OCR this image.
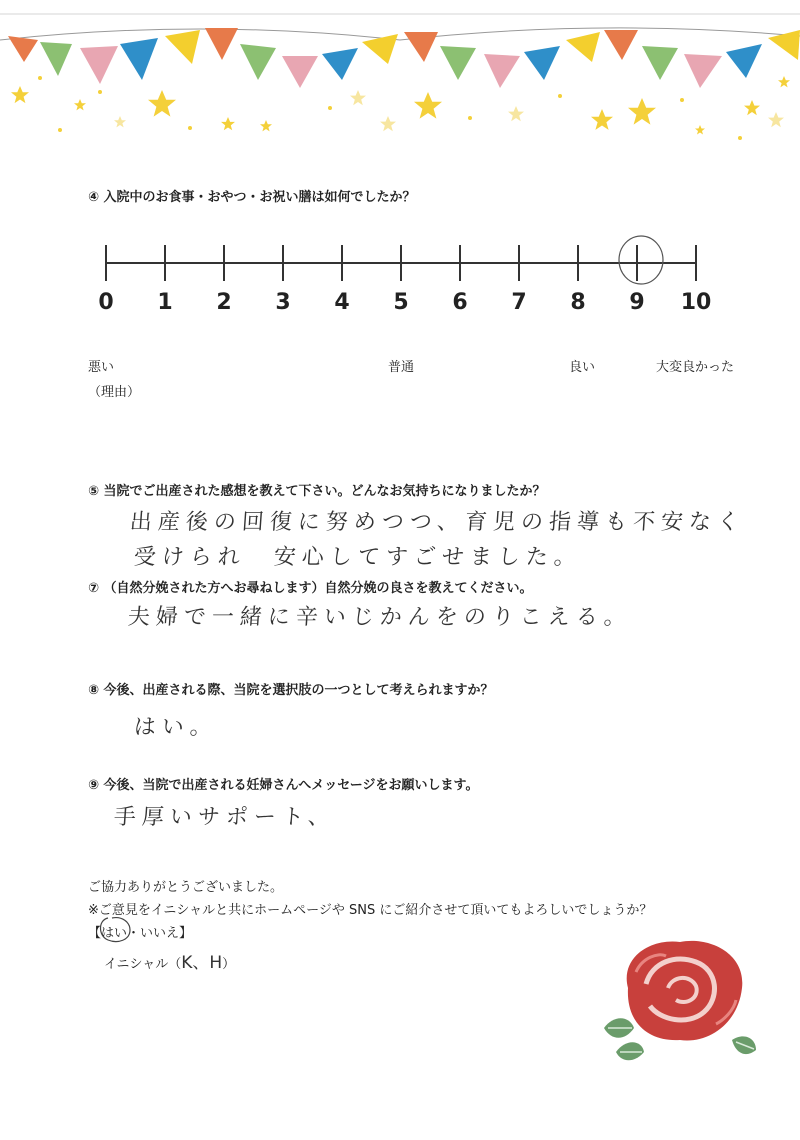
④ 入院中のお食事・おやつ・お祝い膳は如何でしたか？
0 1 2 3 4 5 6 7 8 9 10
悪い	普通	良い	大変良かった
（理由）
⑤ 当院でご出産された感想を教えて下さい。どんなお気持ちになりましたか？
出産後の回復に努めつつ、育児の指導も不安なく
受けられ　安心してすごせました。
⑦ （自然分娩された方へお尋ねします）自然分娩の良さを教えてください。
夫婦で一緒に辛いじかんをのりこえる。
⑧ 今後、出産される際、当院を選択肢の一つとして考えられますか？
はい。
⑨ 今後、当院で出産される妊婦さんへメッセージをお願いします。
手厚いサポート、
ご協力ありがとうございました。
※ご意見をイニシャルと共にホームページや SNS にご紹介させて頂いてもよろしいでしょうか？
【はい・いいえ】
イニシャル（K、H）
